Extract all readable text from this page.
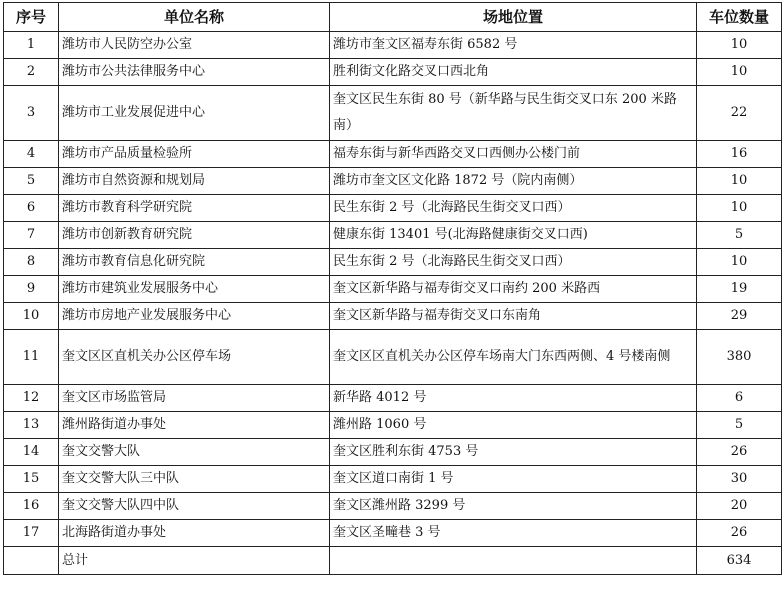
序号	单位名称	场地位置	车位数量
1	潍坊市人民防空办公室	潍坊市奎文区福寿东街 6582 号	10
2	潍坊市公共法律服务中心	胜利街文化路交叉口西北角	10
3	潍坊市工业发展促进中心	奎文区民生东街 80 号（新华路与民生街交叉口东 200 米路南）	22
4	潍坊市产品质量检验所	福寿东街与新华西路交叉口西侧办公楼门前	16
5	潍坊市自然资源和规划局	潍坊市奎文区文化路 1872 号（院内南侧）	10
6	潍坊市教育科学研究院	民生东街 2 号（北海路民生街交叉口西）	10
7	潍坊市创新教育研究院	健康东街 13401 号(北海路健康街交叉口西)	5
8	潍坊市教育信息化研究院	民生东街 2 号（北海路民生街交叉口西）	10
9	潍坊市建筑业发展服务中心	奎文区新华路与福寿街交叉口南约 200 米路西	19
10	潍坊市房地产业发展服务中心	奎文区新华路与福寿街交叉口东南角	29
11	奎文区区直机关办公区停车场	奎文区区直机关办公区停车场南大门东西两侧、4 号楼南侧	380
12	奎文区市场监管局	新华路 4012 号	6
13	潍州路街道办事处	潍州路 1060 号	5
14	奎文交警大队	奎文区胜利东街 4753 号	26
15	奎文交警大队三中队	奎文区道口南街 1 号	30
16	奎文交警大队四中队	奎文区潍州路 3299 号	20
17	北海路街道办事处	奎文区圣疃巷 3 号	26
	总计		634
